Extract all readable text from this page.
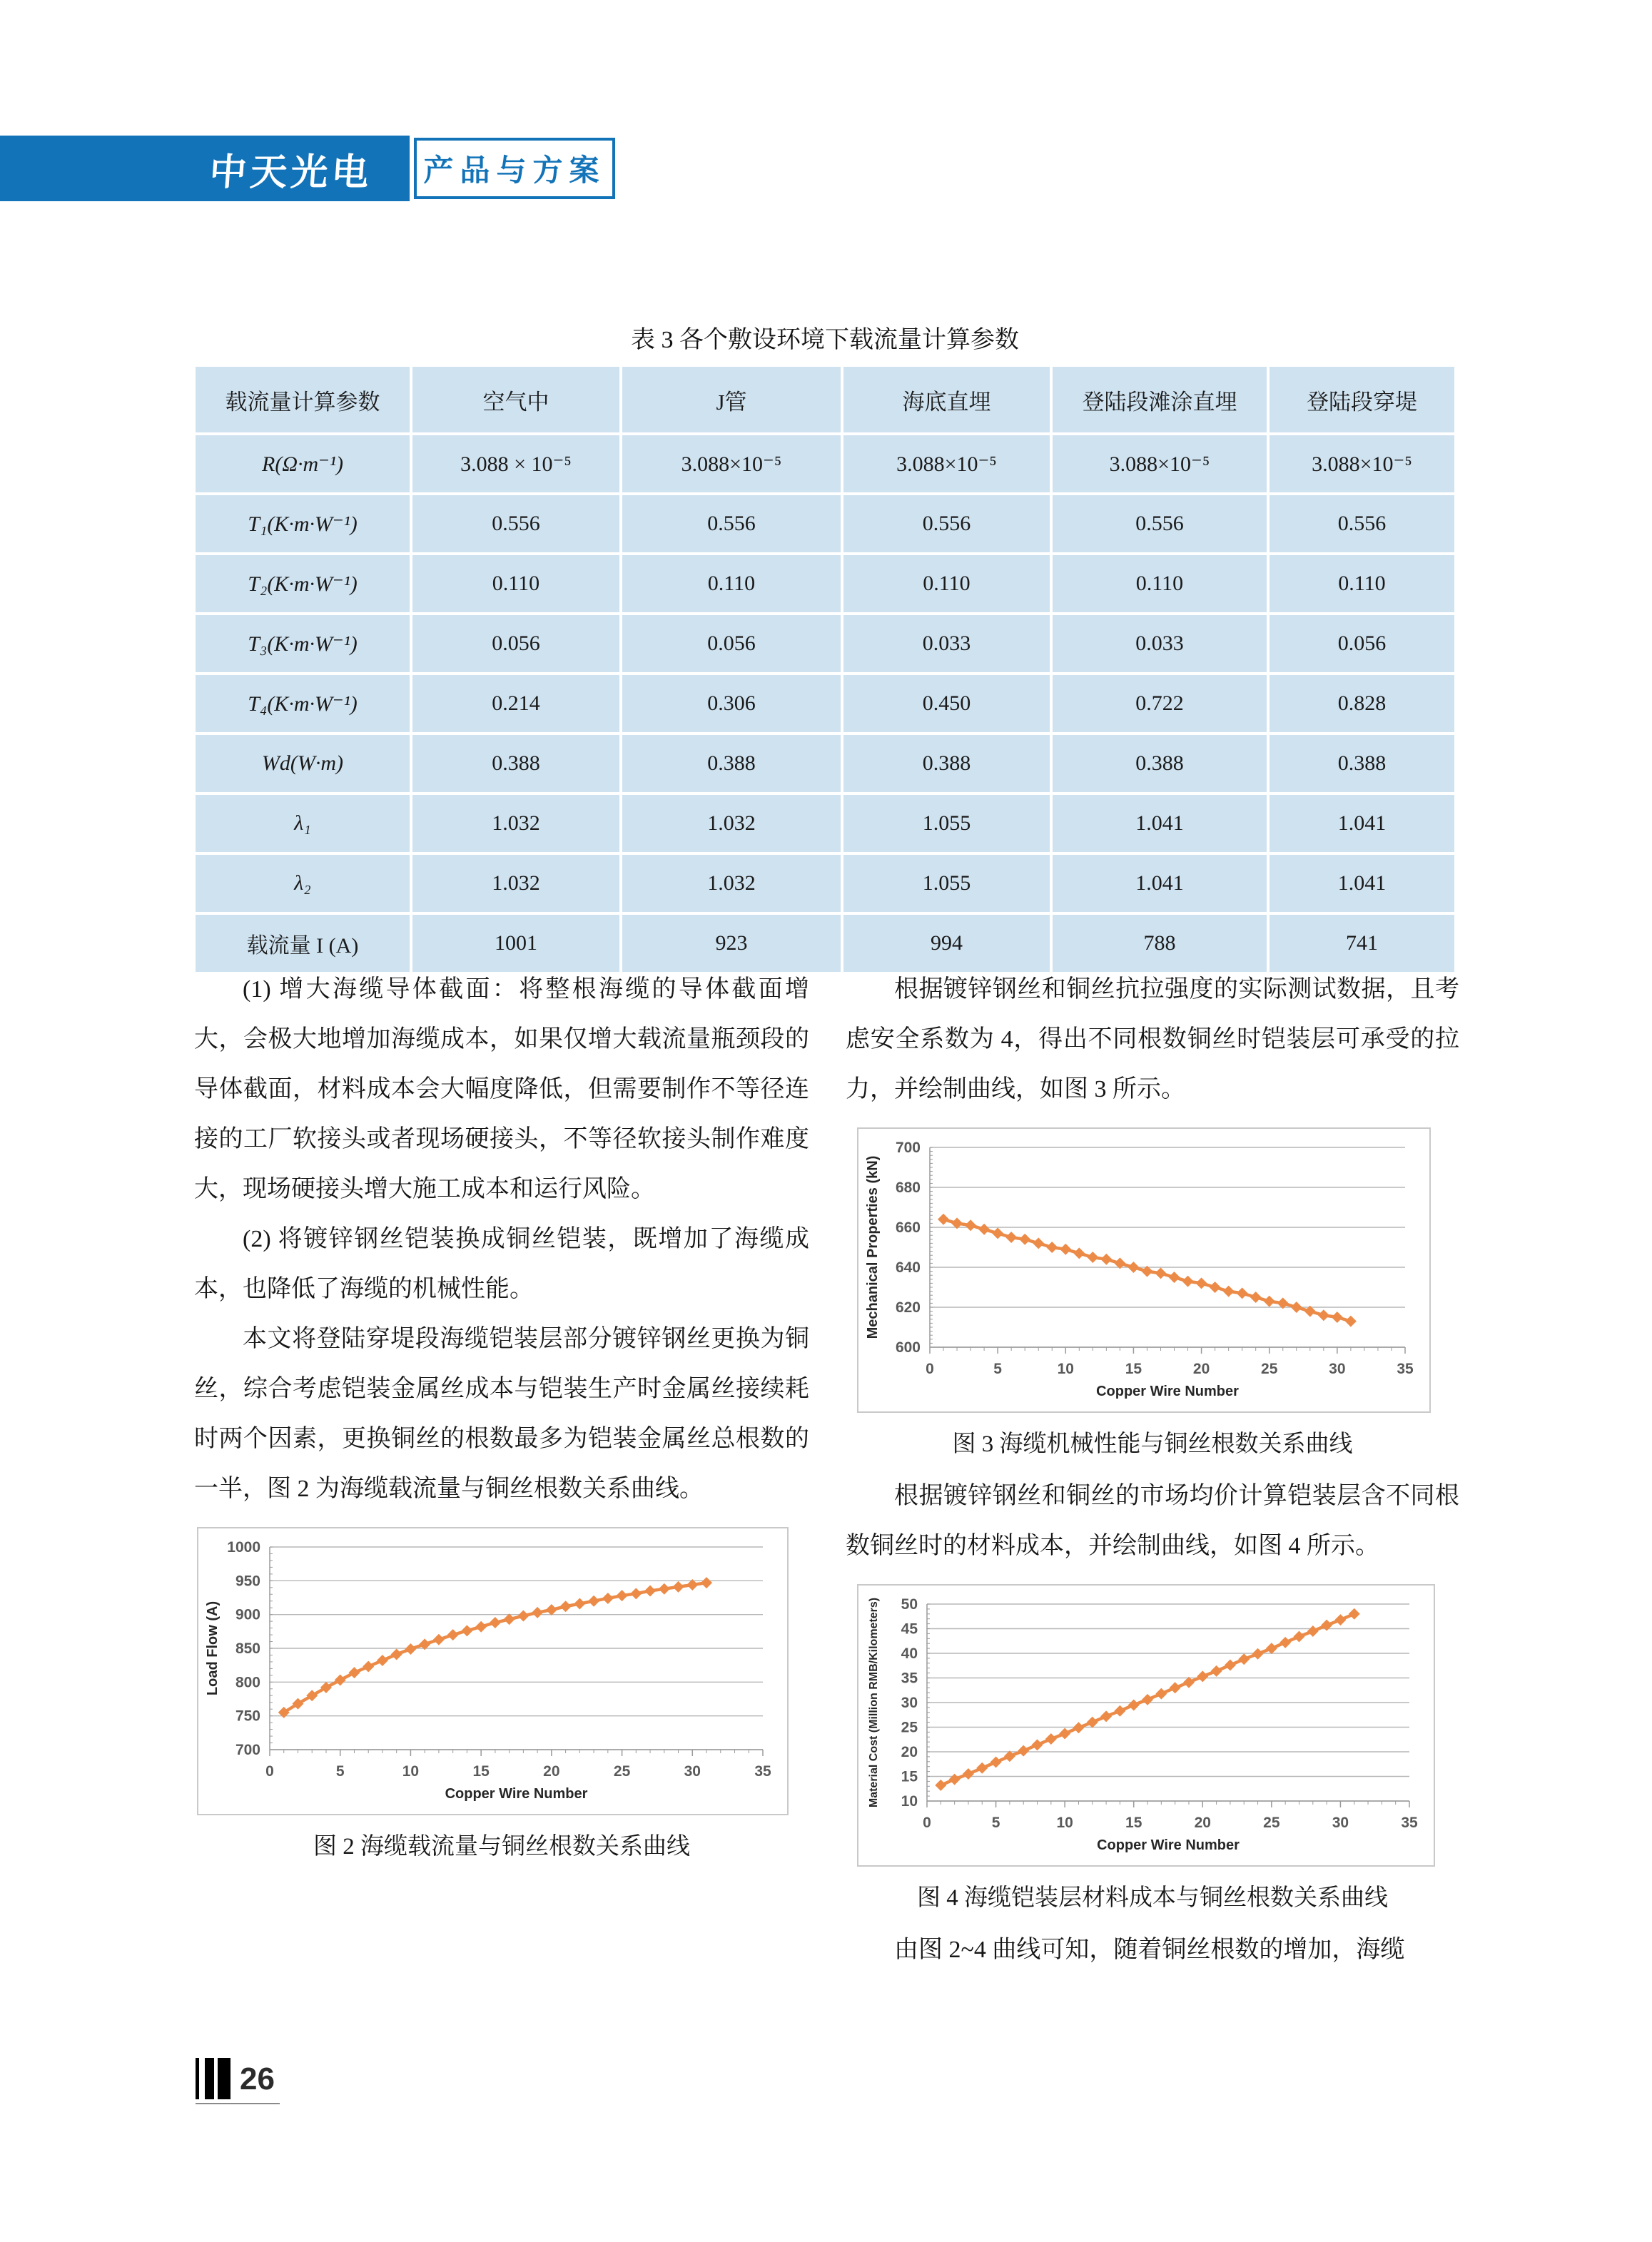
中天光电 产品与方案
表 3 各个敷设环境下载流量计算参数
载流量计算参数	空气中	J管	海底直埋	登陆段滩涂直埋	登陆段穿堤
R(Ω·m⁻¹)	3.088 × 10⁻⁵	3.088×10⁻⁵	3.088×10⁻⁵	3.088×10⁻⁵	3.088×10⁻⁵
T₁(K·m·W⁻¹)	0.556	0.556	0.556	0.556	0.556
T₂(K·m·W⁻¹)	0.110	0.110	0.110	0.110	0.110
T₃(K·m·W⁻¹)	0.056	0.056	0.033	0.033	0.056
T₄(K·m·W⁻¹)	0.214	0.306	0.450	0.722	0.828
Wd(W·m)	0.388	0.388	0.388	0.388	0.388
λ₁	1.032	1.032	1.055	1.041	1.041
λ₂	1.032	1.032	1.055	1.041	1.041
载流量 I (A)	1001	923	994	788	741

(1) 增大海缆导体截面：将整根海缆的导体截面增大，会极大地增加海缆成本，如果仅增大载流量瓶颈段的导体截面，材料成本会大幅度降低，但需要制作不等径连接的工厂软接头或者现场硬接头，不等径软接头制作难度大，现场硬接头增大施工成本和运行风险。

(2) 将镀锌钢丝铠装换成铜丝铠装，既增加了海缆成本，也降低了海缆的机械性能。

本文将登陆穿堤段海缆铠装层部分镀锌钢丝更换为铜丝，综合考虑铠装金属丝成本与铠装生产时金属丝接续耗时两个因素，更换铜丝的根数最多为铠装金属丝总根数的一半，图 2 为海缆载流量与铜丝根数关系曲线。

700
750
800
850
900
950
1000
0	5	10	15	20	25	30	35
Copper Wire Number
Load Flow (A)
图 2 海缆载流量与铜丝根数关系曲线

根据镀锌钢丝和铜丝抗拉强度的实际测试数据，且考虑安全系数为 4，得出不同根数铜丝时铠装层可承受的拉力，并绘制曲线，如图 3 所示。

600
620
640
660
680
700
0	5	10	15	20	25	30	35
Copper Wire Number
Mechanical Properties (kN)
图 3 海缆机械性能与铜丝根数关系曲线

根据镀锌钢丝和铜丝的市场均价计算铠装层含不同根数铜丝时的材料成本，并绘制曲线，如图 4 所示。

10
15
20
25
30
35
40
45
50
0	5	10	15	20	25	30	35
Copper Wire Number
Material Cost (Million RMB/Kilometers)
图 4 海缆铠装层材料成本与铜丝根数关系曲线

由图 2~4 曲线可知，随着铜丝根数的增加，海缆

26
